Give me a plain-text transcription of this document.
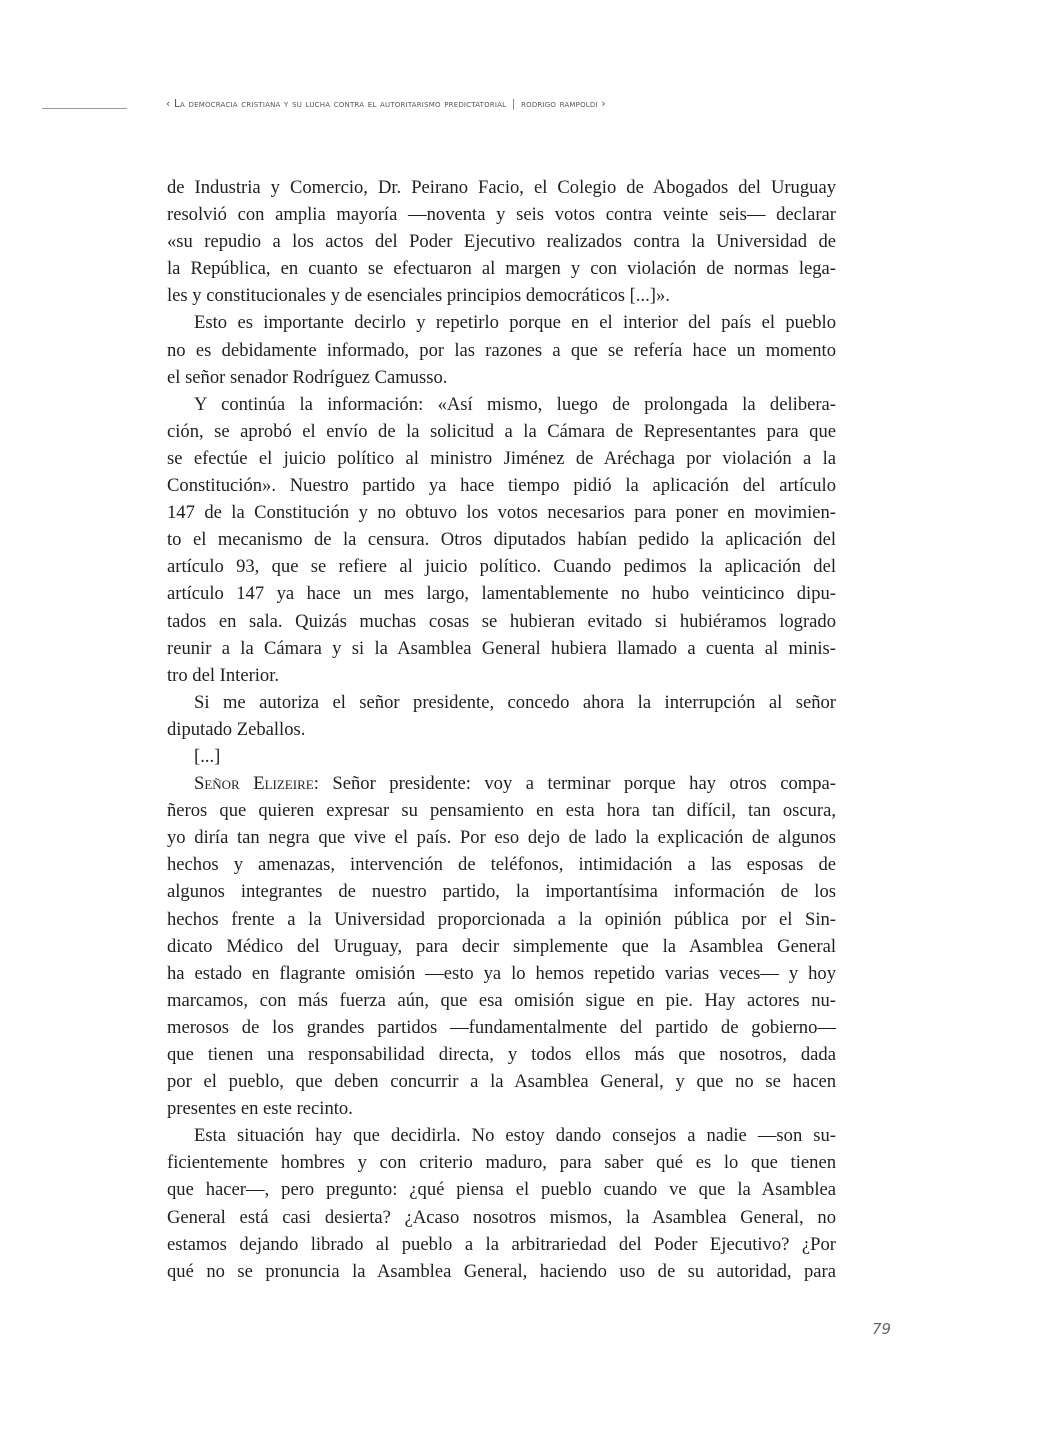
‹ La democracia cristiana y su lucha contra el autoritarismo predictatorial | rodrigo rampoldi ›
de Industria y Comercio, Dr. Peirano Facio, el Colegio de Abogados del Uruguay
resolvió con amplia mayoría —noventa y seis votos contra veinte seis— declarar
«su repudio a los actos del Poder Ejecutivo realizados contra la Universidad de
la República, en cuanto se efectuaron al margen y con violación de normas lega-
les y constitucionales y de esenciales principios democráticos [...]».
Esto es importante decirlo y repetirlo porque en el interior del país el pueblo
no es debidamente informado, por las razones a que se refería hace un momento
el señor senador Rodríguez Camusso.
Y continúa la información: «Así mismo, luego de prolongada la delibera-
ción, se aprobó el envío de la solicitud a la Cámara de Representantes para que
se efectúe el juicio político al ministro Jiménez de Aréchaga por violación a la
Constitución». Nuestro partido ya hace tiempo pidió la aplicación del artículo
147 de la Constitución y no obtuvo los votos necesarios para poner en movimien-
to el mecanismo de la censura. Otros diputados habían pedido la aplicación del
artículo 93, que se refiere al juicio político. Cuando pedimos la aplicación del
artículo 147 ya hace un mes largo, lamentablemente no hubo veinticinco dipu-
tados en sala. Quizás muchas cosas se hubieran evitado si hubiéramos logrado
reunir a la Cámara y si la Asamblea General hubiera llamado a cuenta al minis-
tro del Interior.
Si me autoriza el señor presidente, concedo ahora la interrupción al señor
diputado Zeballos.
[...]
Señor Elizeire: Señor presidente: voy a terminar porque hay otros compa-
ñeros que quieren expresar su pensamiento en esta hora tan difícil, tan oscura,
yo diría tan negra que vive el país. Por eso dejo de lado la explicación de algunos
hechos y amenazas, intervención de teléfonos, intimidación a las esposas de
algunos integrantes de nuestro partido, la importantísima información de los
hechos frente a la Universidad proporcionada a la opinión pública por el Sin-
dicato Médico del Uruguay, para decir simplemente que la Asamblea General
ha estado en flagrante omisión —esto ya lo hemos repetido varias veces— y hoy
marcamos, con más fuerza aún, que esa omisión sigue en pie. Hay actores nu-
merosos de los grandes partidos —fundamentalmente del partido de gobierno—
que tienen una responsabilidad directa, y todos ellos más que nosotros, dada
por el pueblo, que deben concurrir a la Asamblea General, y que no se hacen
presentes en este recinto.
Esta situación hay que decidirla. No estoy dando consejos a nadie —son su-
ficientemente hombres y con criterio maduro, para saber qué es lo que tienen
que hacer—, pero pregunto: ¿qué piensa el pueblo cuando ve que la Asamblea
General está casi desierta? ¿Acaso nosotros mismos, la Asamblea General, no
estamos dejando librado al pueblo a la arbitrariedad del Poder Ejecutivo? ¿Por
qué no se pronuncia la Asamblea General, haciendo uso de su autoridad, para
79
